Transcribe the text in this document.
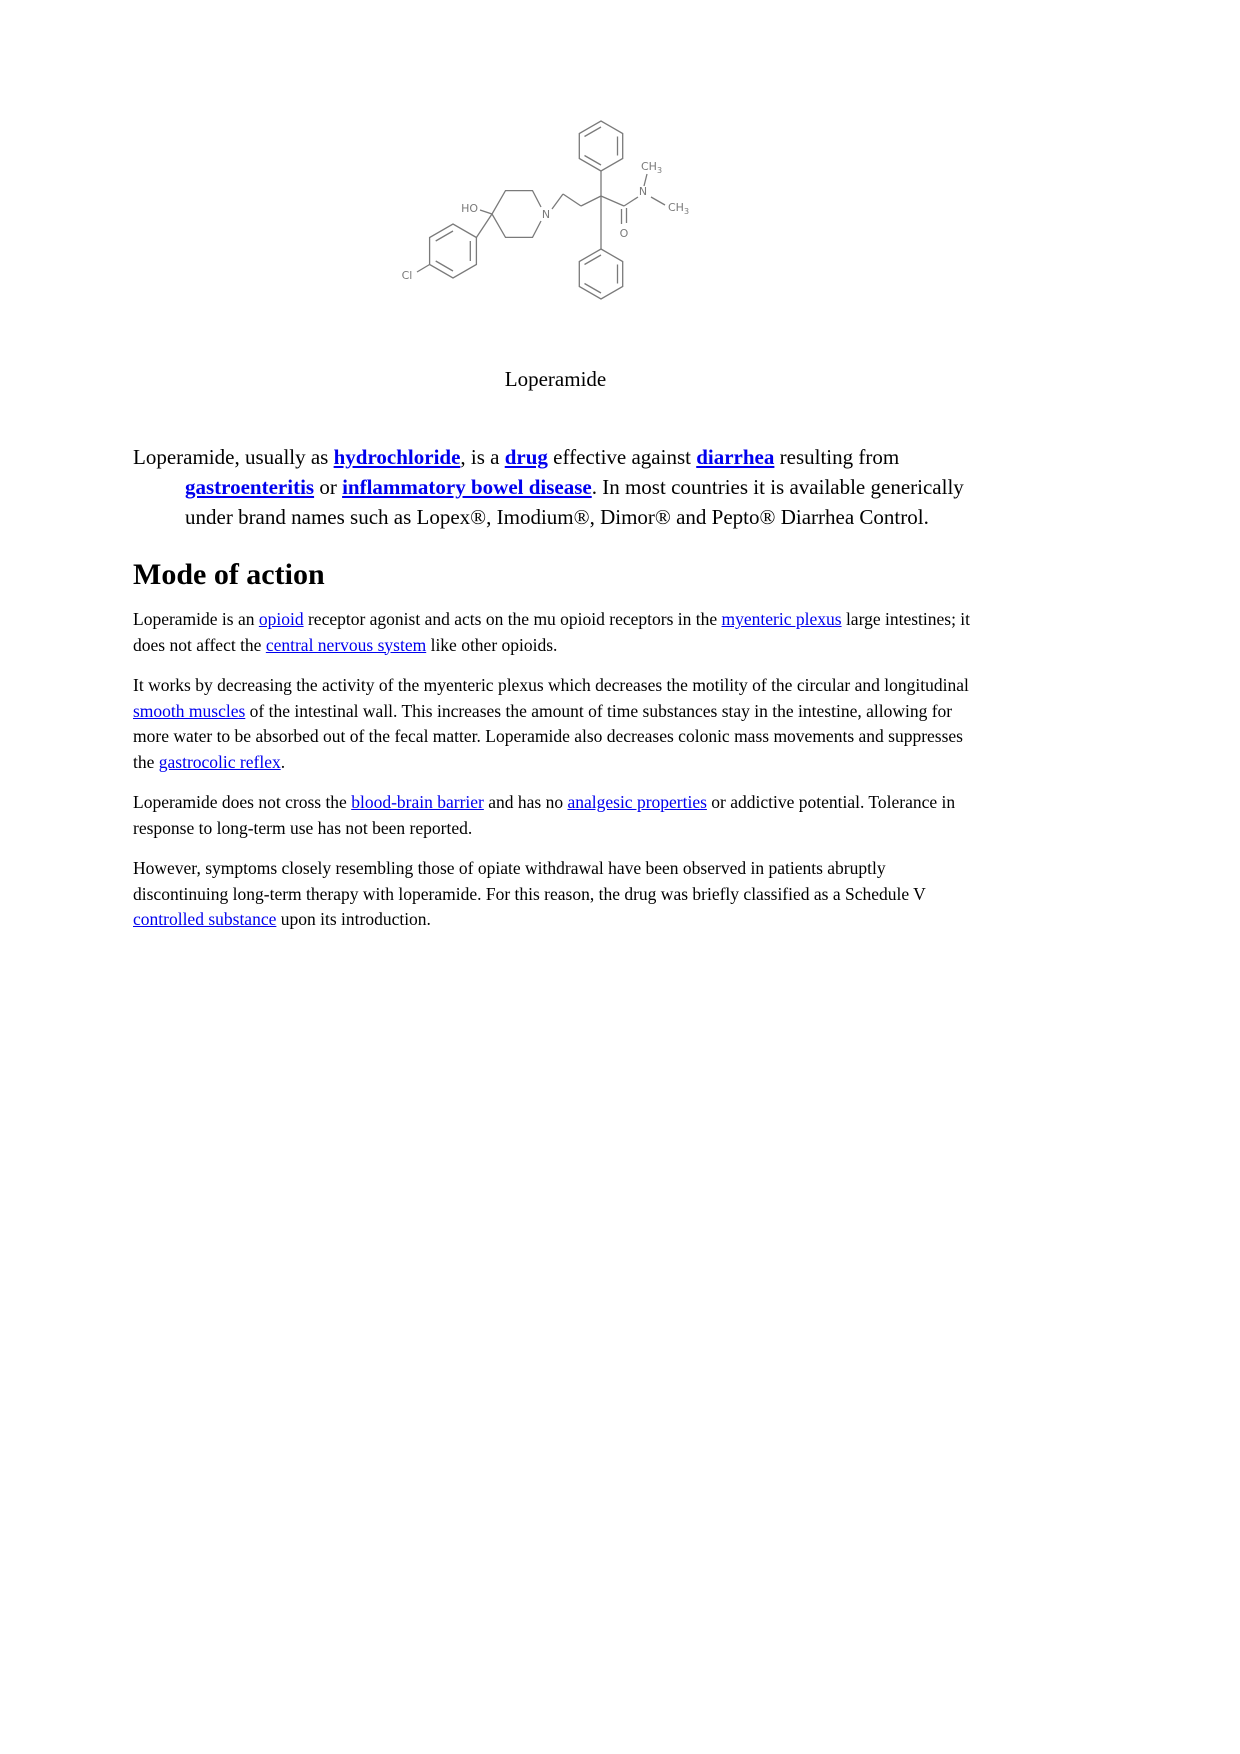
Cl
HO	N
N
O
$CH_3$
$CH_3$
Loperamide

Loperamide, usually as hydrochloride, is a drug effective against diarrhea resulting from gastroenteritis or inflammatory bowel disease. In most countries it is available generically under brand names such as Lopex®, Imodium®, Dimor® and Pepto® Diarrhea Control.

Mode of action

Loperamide is an opioid receptor agonist and acts on the mu opioid receptors in the myenteric plexus large intestines; it does not affect the central nervous system like other opioids.

It works by decreasing the activity of the myenteric plexus which decreases the motility of the circular and longitudinal smooth muscles of the intestinal wall. This increases the amount of time substances stay in the intestine, allowing for more water to be absorbed out of the fecal matter. Loperamide also decreases colonic mass movements and suppresses the gastrocolic reflex.

Loperamide does not cross the blood-brain barrier and has no analgesic properties or addictive potential. Tolerance in response to long-term use has not been reported.

However, symptoms closely resembling those of opiate withdrawal have been observed in patients abruptly discontinuing long-term therapy with loperamide. For this reason, the drug was briefly classified as a Schedule V controlled substance upon its introduction.
